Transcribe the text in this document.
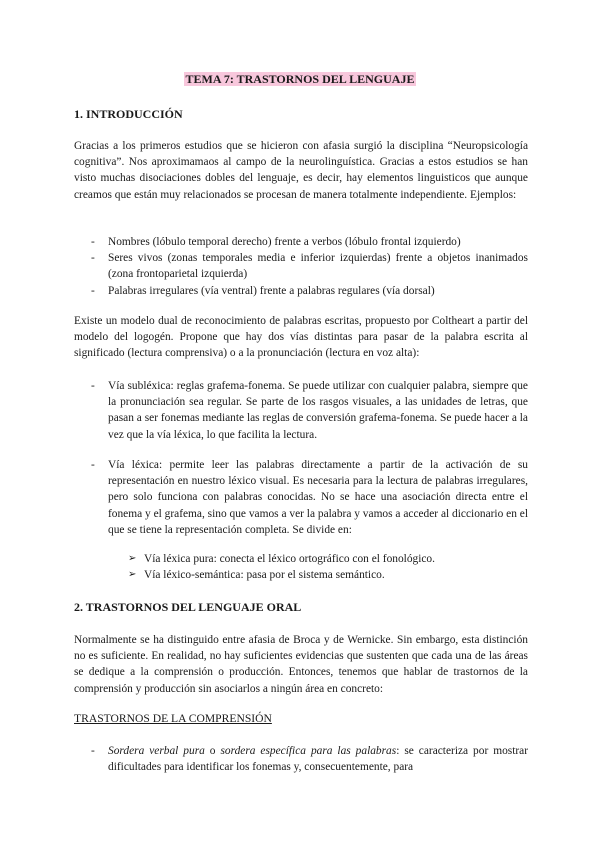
TEMA 7: TRASTORNOS DEL LENGUAJE
1. INTRODUCCIÓN

Gracias a los primeros estudios que se hicieron con afasia surgió la disciplina “Neuropsicología cognitiva”. Nos aproximamaos al campo de la neurolinguística. Gracias a estos estudios se han visto muchas disociaciones dobles del lenguaje, es decir, hay elementos linguisticos que aunque creamos que están muy relacionados se procesan de manera totalmente independiente. Ejemplos:

- Nombres (lóbulo temporal derecho) frente a verbos (lóbulo frontal izquierdo)
- Seres vivos (zonas temporales media e inferior izquierdas) frente a objetos inanimados (zona frontoparietal izquierda)
- Palabras irregulares (vía ventral) frente a palabras regulares (vía dorsal)

Existe un modelo dual de reconocimiento de palabras escritas, propuesto por Coltheart a partir del modelo del logogén. Propone que hay dos vías distintas para pasar de la palabra escrita al significado (lectura comprensiva) o a la pronunciación (lectura en voz alta):

- Vía subléxica: reglas grafema-fonema. Se puede utilizar con cualquier palabra, siempre que la pronunciación sea regular. Se parte de los rasgos visuales, a las unidades de letras, que pasan a ser fonemas mediante las reglas de conversión grafema-fonema. Se puede hacer a la vez que la vía léxica, lo que facilita la lectura.
- Vía léxica: permite leer las palabras directamente a partir de la activación de su representación en nuestro léxico visual. Es necesaria para la lectura de palabras irregulares, pero solo funciona con palabras conocidas. No se hace una asociación directa entre el fonema y el grafema, sino que vamos a ver la palabra y vamos a acceder al diccionario en el que se tiene la representación completa. Se divide en:
➢ Vía léxica pura: conecta el léxico ortográfico con el fonológico.
➢ Vía léxico-semántica: pasa por el sistema semántico.
2. TRASTORNOS DEL LENGUAJE ORAL

Normalmente se ha distinguido entre afasia de Broca y de Wernicke. Sin embargo, esta distinción no es suficiente. En realidad, no hay suficientes evidencias que sustenten que cada una de las áreas se dedique a la comprensión o producción. Entonces, tenemos que hablar de trastornos de la comprensión y producción sin asociarlos a ningún área en concreto:

TRASTORNOS DE LA COMPRENSIÓN
- Sordera verbal pura o sordera específica para las palabras: se caracteriza por mostrar dificultades para identificar los fonemas y, consecuentemente, para
